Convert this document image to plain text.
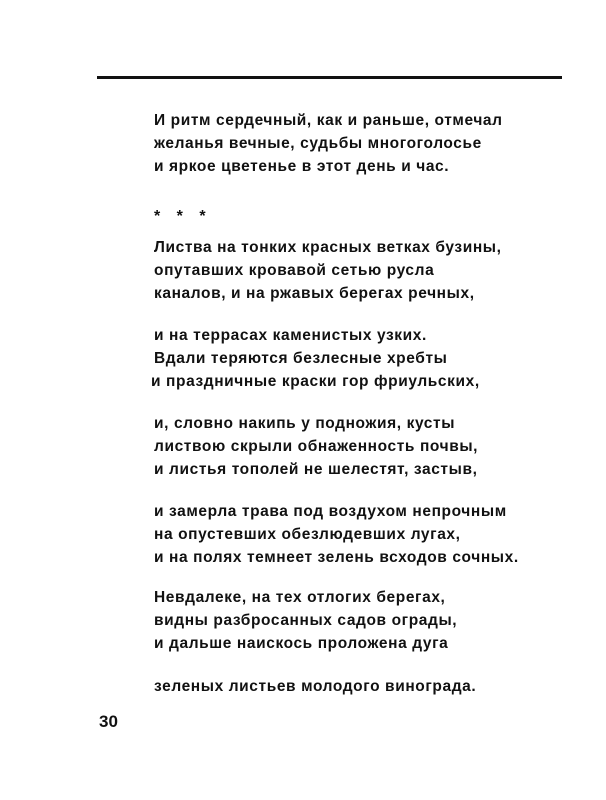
И ритм сердечный, как и раньше, отмечал
желанья вечные, судьбы многоголосье
и яркое цветенье в этот день и час.
* * *
Листва на тонких красных ветках бузины,
опутавших кровавой сетью русла
каналов, и на ржавых берегах речных,
и на террасах каменистых узких.
Вдали теряются безлесные хребты
и праздничные краски гор фриульских,
и, словно накипь у подножия, кусты
листвою скрыли обнаженность почвы,
и листья тополей не шелестят, застыв,
и замерла трава под воздухом непрочным
на опустевших обезлюдевших лугах,
и на полях темнеет зелень всходов сочных.
Невдалеке, на тех отлогих берегах,
видны разбросанных садов ограды,
и дальше наискось проложена дуга
зеленых листьев молодого винограда.
30
